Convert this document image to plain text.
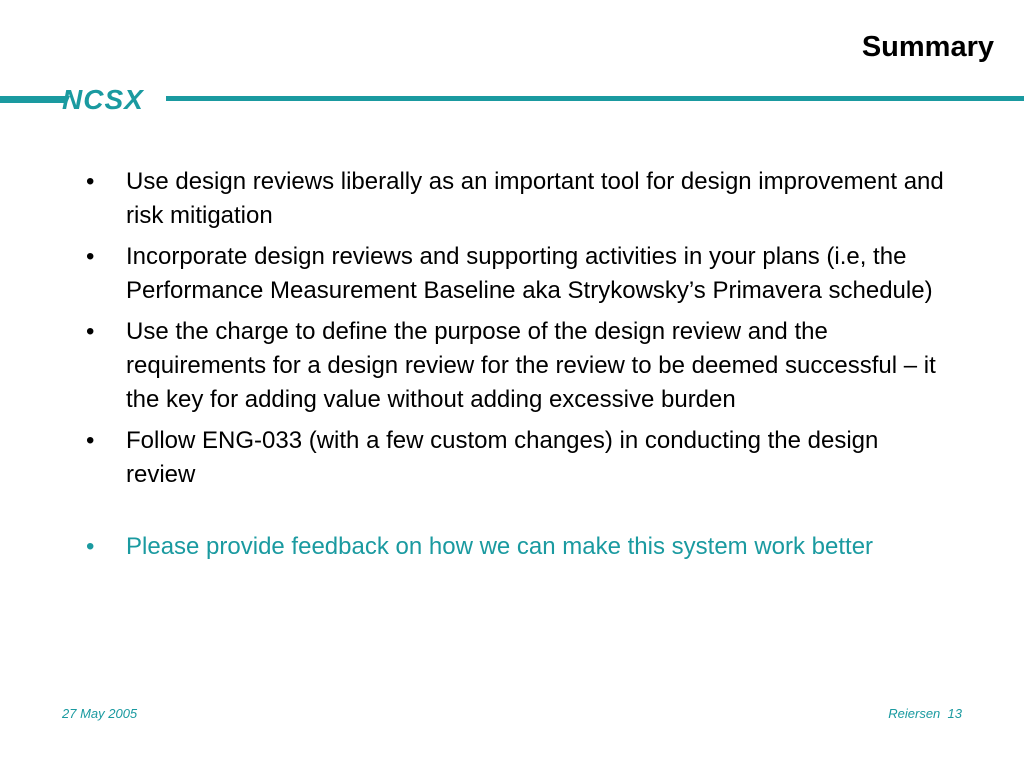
Summary
NCSX
• Use design reviews liberally as an important tool for design improvement and risk mitigation
• Incorporate design reviews and supporting activities in your plans (i.e, the Performance Measurement Baseline aka Strykowsky’s Primavera schedule)
• Use the charge to define the purpose of the design review and the requirements for a design review for the review to be deemed successful – it the key for adding value without adding excessive burden
• Follow ENG-033 (with a few custom changes) in conducting the design review
• Please provide feedback on how we can make this system work better
27 May 2005	Reiersen 13
